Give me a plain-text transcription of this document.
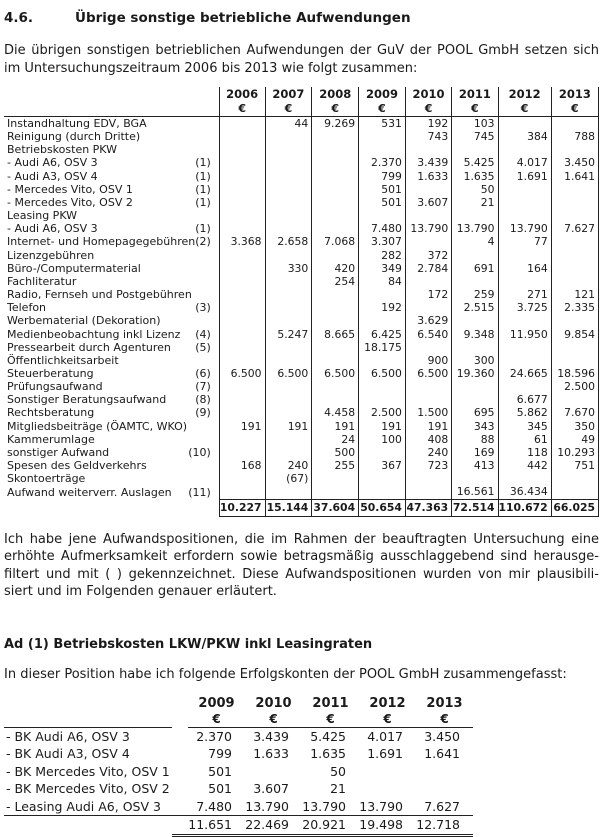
4.6.	Übrige sonstige betriebliche Aufwendungen
Die übrigen sonstigen betrieblichen Aufwendungen der GuV der POOL GmbH setzen sich
im Untersuchungszeitraum 2006 bis 2013 wie folgt zusammen:
	2006	2007	2008	2009	2010	2011	2012	2013
	€	€	€	€	€	€	€	€

Instandhaltung EDV, BGA		44	9.269	531	192	103		

Reinigung (durch Dritte)					743	745	384	788

Betriebskosten PKW								

- Audi A6, OSV 3 (1)				2.370	3.439	5.425	4.017	3.450

- Audi A3, OSV 4 (1)				799	1.633	1.635	1.691	1.641

- Mercedes Vito, OSV 1 (1)				501		50		

- Mercedes Vito, OSV 2 (1)				501	3.607	21		

Leasing PKW								

- Audi A6, OSV 3 (1)				7.480	13.790	13.790	13.790	7.627

Internet- und Homepagegebühren (2)	3.368	2.658	7.068	3.307		4	77	

Lizenzgebühren				282	372			

Büro-/Computermaterial		330	420	349	2.784	691	164	

Fachliteratur			254	84				

Radio, Fernseh und Postgebühren					172	259	271	121

Telefon (3)				192		2.515	3.725	2.335

Werbematerial (Dekoration)					3.629			

Medienbeobachtung inkl Lizenz (4)		5.247	8.665	6.425	6.540	9.348	11.950	9.854

Pressearbeit durch Agenturen (5)				18.175				

Öffentlichkeitsarbeit					900	300		

Steuerberatung (6)	6.500	6.500	6.500	6.500	6.500	19.360	24.665	18.596

Prüfungsaufwand (7)								2.500

Sonstiger Beratungsaufwand (8)							6.677	

Rechtsberatung (9)			4.458	2.500	1.500	695	5.862	7.670

Mitgliedsbeiträge (ÖAMTC, WKO)	191	191	191	191	191	343	345	350

Kammerumlage			24	100	408	88	61	49

sonstiger Aufwand (10)			500		240	169	118	10.293

Spesen des Geldverkehrs	168	240	255	367	723	413	442	751

Skontoerträge		(67)						

Aufwand weiterverr. Auslagen (11)						16.561	36.434	
	10.227	15.144	37.604	50.654	47.363	72.514	110.672	66.025
Ich habe jene Aufwandspositionen, die im Rahmen der beauftragten Untersuchung eine
erhöhte Aufmerksamkeit erfordern sowie betragsmäßig ausschlaggebend sind herausge-
filtert und mit ( ) gekennzeichnet. Diese Aufwandspositionen wurden von mir plausibili-
siert und im Folgenden genauer erläutert.
Ad (1) Betriebskosten LKW/PKW inkl Leasingraten
In dieser Position habe ich folgende Erfolgskonten der POOL GmbH zusammengefasst:
		2009	2010	2011	2012	2013
		€	€	€	€	€
- BK Audi A6, OSV 3		2.370	3.439	5.425	4.017	3.450
- BK Audi A3, OSV 4		799	1.633	1.635	1.691	1.641
- BK Mercedes Vito, OSV 1		501		50		
- BK Mercedes Vito, OSV 2		501	3.607	21		
- Leasing Audi A6, OSV 3		7.480	13.790	13.790	13.790	7.627
		11.651	22.469	20.921	19.498	12.718
